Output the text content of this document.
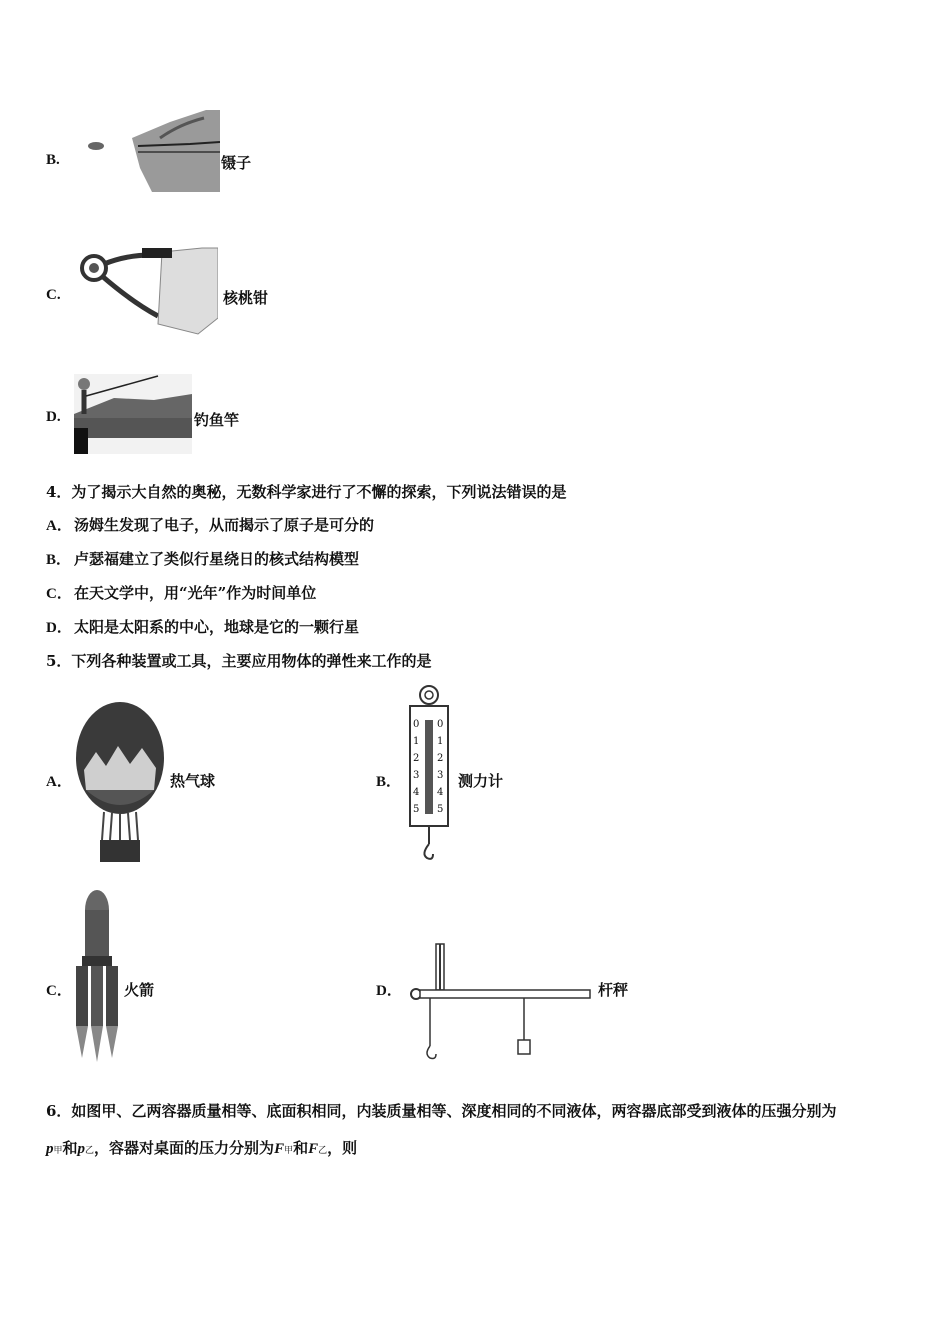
B.	镊子
C.	核桃钳
D.	钓鱼竿
4．为了揭示大自然的奥秘，无数科学家进行了不懈的探索，下列说法错误的是
A． 汤姆生发现了电子，从而揭示了原子是可分的
B． 卢瑟福建立了类似行星绕日的核式结构模型
C． 在天文学中，用“光年”作为时间单位
D． 太阳是太阳系的中心，地球是它的一颗行星
5．下列各种装置或工具，主要应用物体的弹性来工作的是
A．	热气球	B．
0
1
2
3
4
5
0
1
2
3
4
5
测力计
C．	火箭	D．	杆秤
6．如图甲、乙两容器质量相等、底面积相同，内装质量相等、深度相同的不同液体，两容器底部受到液体的压强分别为
p甲和p乙，容器对桌面的压力分别为F甲和F乙，则
